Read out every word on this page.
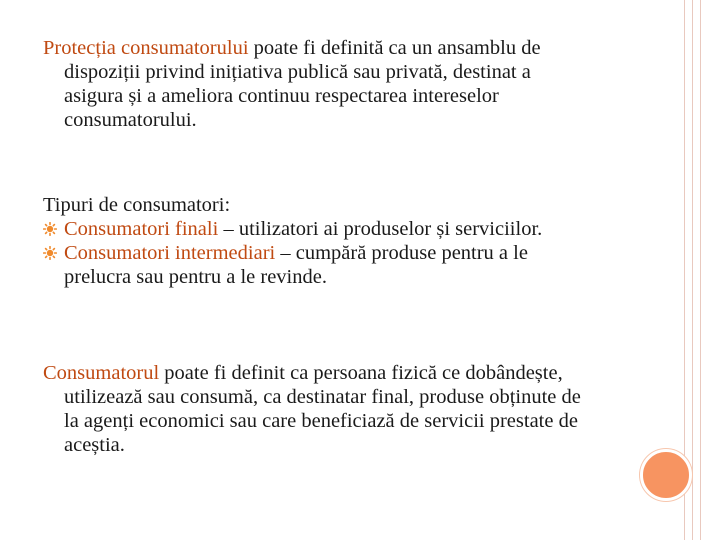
Protecția consumatorului poate fi definită ca un ansamblu de
dispoziții privind inițiativa publică sau privată, destinat a
asigura și a ameliora continuu respectarea intereselor
consumatorului.
Tipuri de consumatori:
Consumatori finali – utilizatori ai produselor și serviciilor.
Consumatori intermediari – cumpără produse pentru a le
prelucra sau pentru a le revinde.
Consumatorul poate fi definit ca persoana fizică ce dobândește,
utilizează sau consumă, ca destinatar final, produse obținute de
la agenți economici sau care beneficiază de servicii prestate de
aceștia.
